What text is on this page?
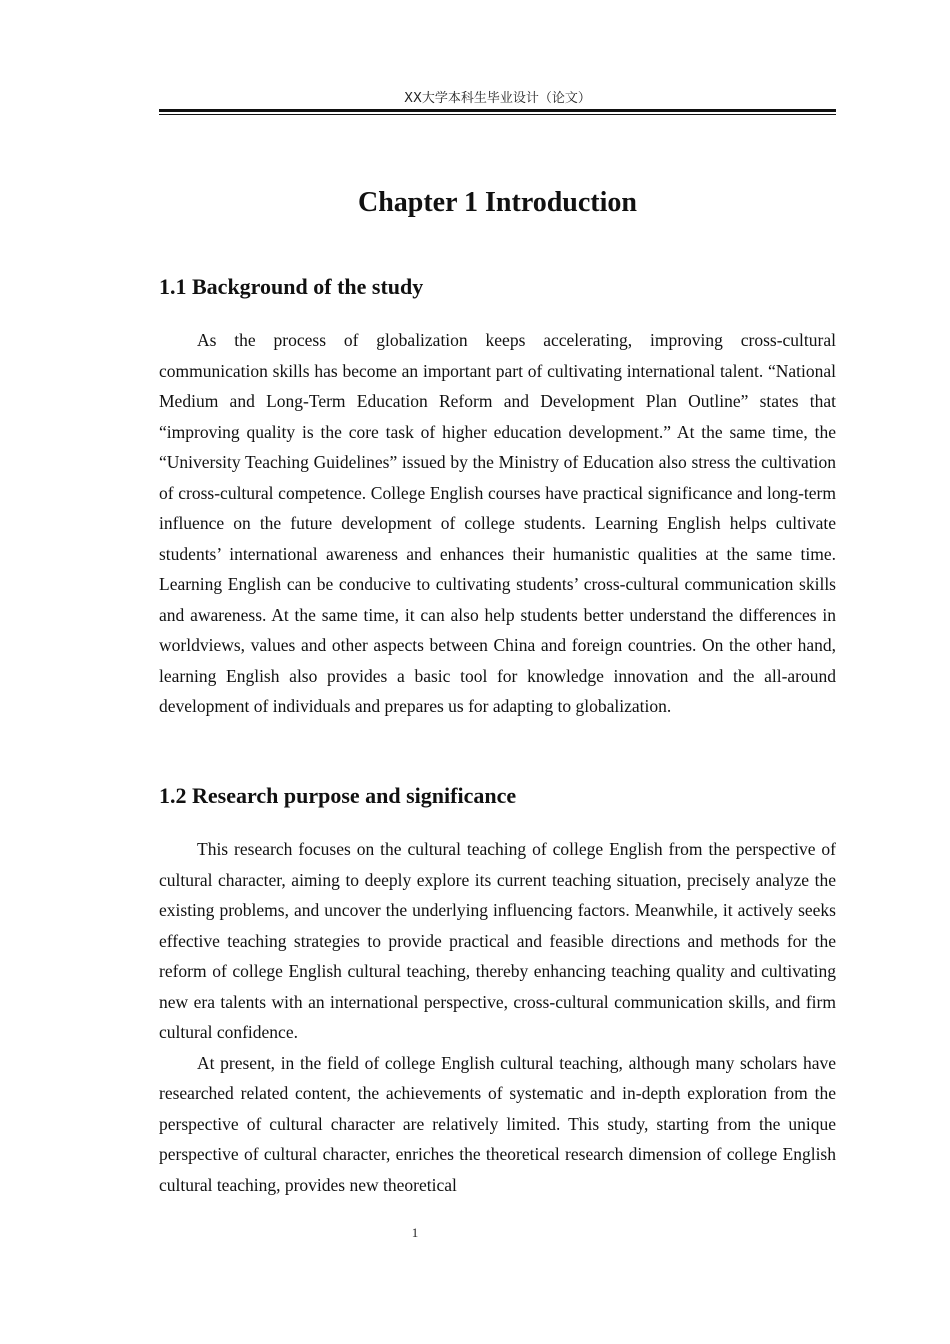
XX大学本科生毕业设计（论文）
Chapter 1 Introduction
1.1 Background of the study

As the process of globalization keeps accelerating, improving cross-cultural communication skills has become an important part of cultivating international talent. “National Medium and Long-Term Education Reform and Development Plan Outline” states that “improving quality is the core task of higher education development.” At the same time, the “University Teaching Guidelines” issued by the Ministry of Education also stress the cultivation of cross-cultural competence. College English courses have practical significance and long-term influence on the future development of college students. Learning English helps cultivate students’ international awareness and enhances their humanistic qualities at the same time. Learning English can be conducive to cultivating students’ cross-cultural communication skills and awareness. At the same time, it can also help students better understand the differences in worldviews, values and other aspects between China and foreign countries. On the other hand, learning English also provides a basic tool for knowledge innovation and the all-around development of individuals and prepares us for adapting to globalization.

1.2 Research purpose and significance

This research focuses on the cultural teaching of college English from the perspective of cultural character, aiming to deeply explore its current teaching situation, precisely analyze the existing problems, and uncover the underlying influencing factors. Meanwhile, it actively seeks effective teaching strategies to provide practical and feasible directions and methods for the reform of college English cultural teaching, thereby enhancing teaching quality and cultivating new era talents with an international perspective, cross-cultural communication skills, and firm cultural confidence.

At present, in the field of college English cultural teaching, although many scholars have researched related content, the achievements of systematic and in-depth exploration from the perspective of cultural character are relatively limited. This study, starting from the unique perspective of cultural character, enriches the theoretical research dimension of college English cultural teaching, provides new theoretical

1
